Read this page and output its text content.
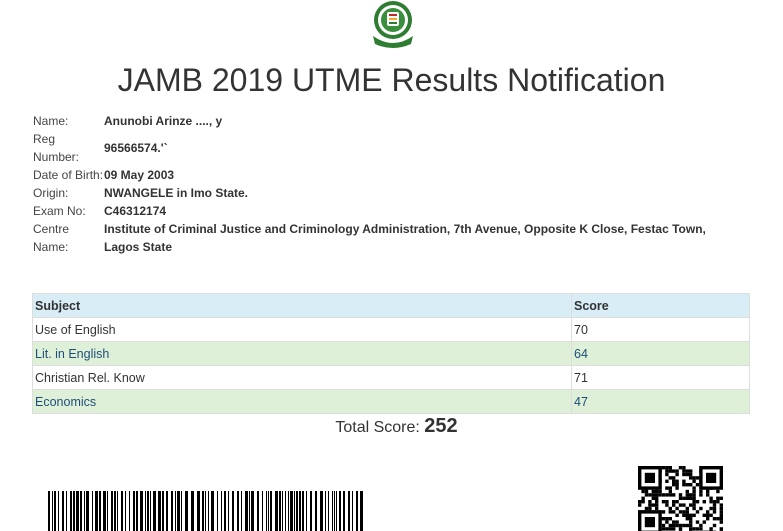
JAMB 2019 UTME Results Notification
Name:	Anunobi Arinze ...., y
Reg Number:	96566574.'`
Date of Birth:	09 May 2003
Origin:	NWANGELE in Imo State.
Exam No:	C46312174
Centre Name:	Institute of Criminal Justice and Criminology Administration, 7th Avenue, Opposite K Close, Festac Town, Lagos State
Subject	Score
Use of English	70
Lit. in English	64
Christian Rel. Know	71
Economics	47
Total Score: 252
